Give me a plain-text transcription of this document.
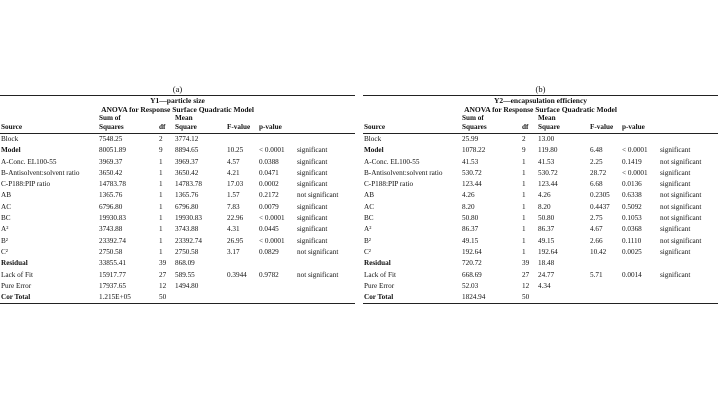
(a)
Y1—particle size						
ANOVA for Response Surface Quadratic Model						
Source	Sum of
Squares	df	Mean
Square	F-value	p-value	
Block	7548.25	2	3774.12			
Model	80051.89	9	8894.65	10.25	< 0.0001	significant
A-Conc. EL100-55	3969.37	1	3969.37	4.57	0.0388	significant
B-Antisolvent:solvent ratio	3650.42	1	3650.42	4.21	0.0471	significant
C-P188:PIP ratio	14783.78	1	14783.78	17.03	0.0002	significant
AB	1365.76	1	1365.76	1.57	0.2172	not significant
AC	6796.80	1	6796.80	7.83	0.0079	significant
BC	19930.83	1	19930.83	22.96	< 0.0001	significant
A²	3743.88	1	3743.88	4.31	0.0445	significant
B²	23392.74	1	23392.74	26.95	< 0.0001	significant
C²	2750.58	1	2750.58	3.17	0.0829	not significant
Residual	33855.41	39	868.09			
Lack of Fit	15917.77	27	589.55	0.3944	0.9782	not significant
Pure Error	17937.65	12	1494.80			
Cor Total	1.215E+05	50				
(b)
Y2—encapsulation efficiency						
ANOVA for Response Surface Quadratic Model						
Source	Sum of
Squares	df	Mean
Square	F-value	p-value	
Block	25.99	2	13.00			
Model	1078.22	9	119.80	6.48	< 0.0001	significant
A-Conc. EL100-55	41.53	1	41.53	2.25	0.1419	not significant
B-Antisolvent:solvent ratio	530.72	1	530.72	28.72	< 0.0001	significant
C-P188:PIP ratio	123.44	1	123.44	6.68	0.0136	significant
AB	4.26	1	4.26	0.2305	0.6338	not significant
AC	8.20	1	8.20	0.4437	0.5092	not significant
BC	50.80	1	50.80	2.75	0.1053	not significant
A²	86.37	1	86.37	4.67	0.0368	significant
B²	49.15	1	49.15	2.66	0.1110	not significant
C²	192.64	1	192.64	10.42	0.0025	significant
Residual	720.72	39	18.48			
Lack of Fit	668.69	27	24.77	5.71	0.0014	significant
Pure Error	52.03	12	4.34			
Cor Total	1824.94	50				
